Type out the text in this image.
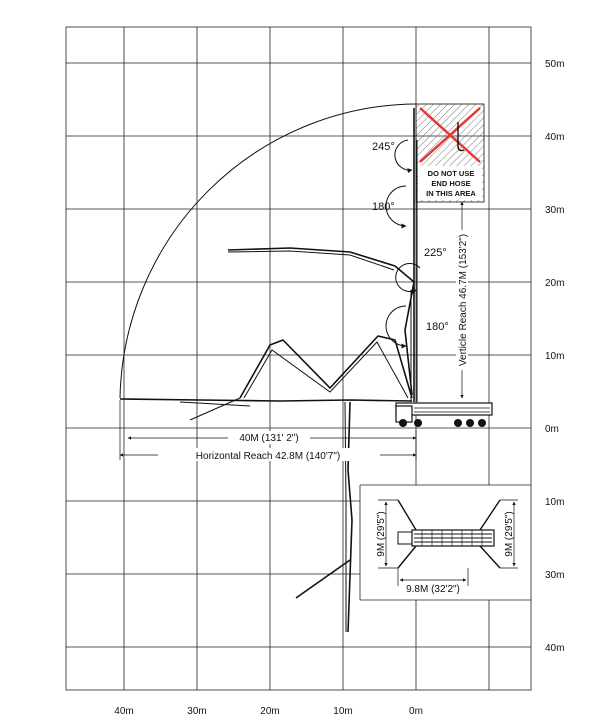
DO NOT USE
END HOSE
IN THIS AREA
245°
180°
225°
180°
40M (131' 2")
Horizontal Reach 42.8M (140'7")
Verticle Reach 46.7M (153'2")
9M (29'5")	9M (29'5")
9.8M (32'2")
50m
40m
30m
20m
10m
0m
10m
30m
40m
40m	30m	20m	10m	0m
